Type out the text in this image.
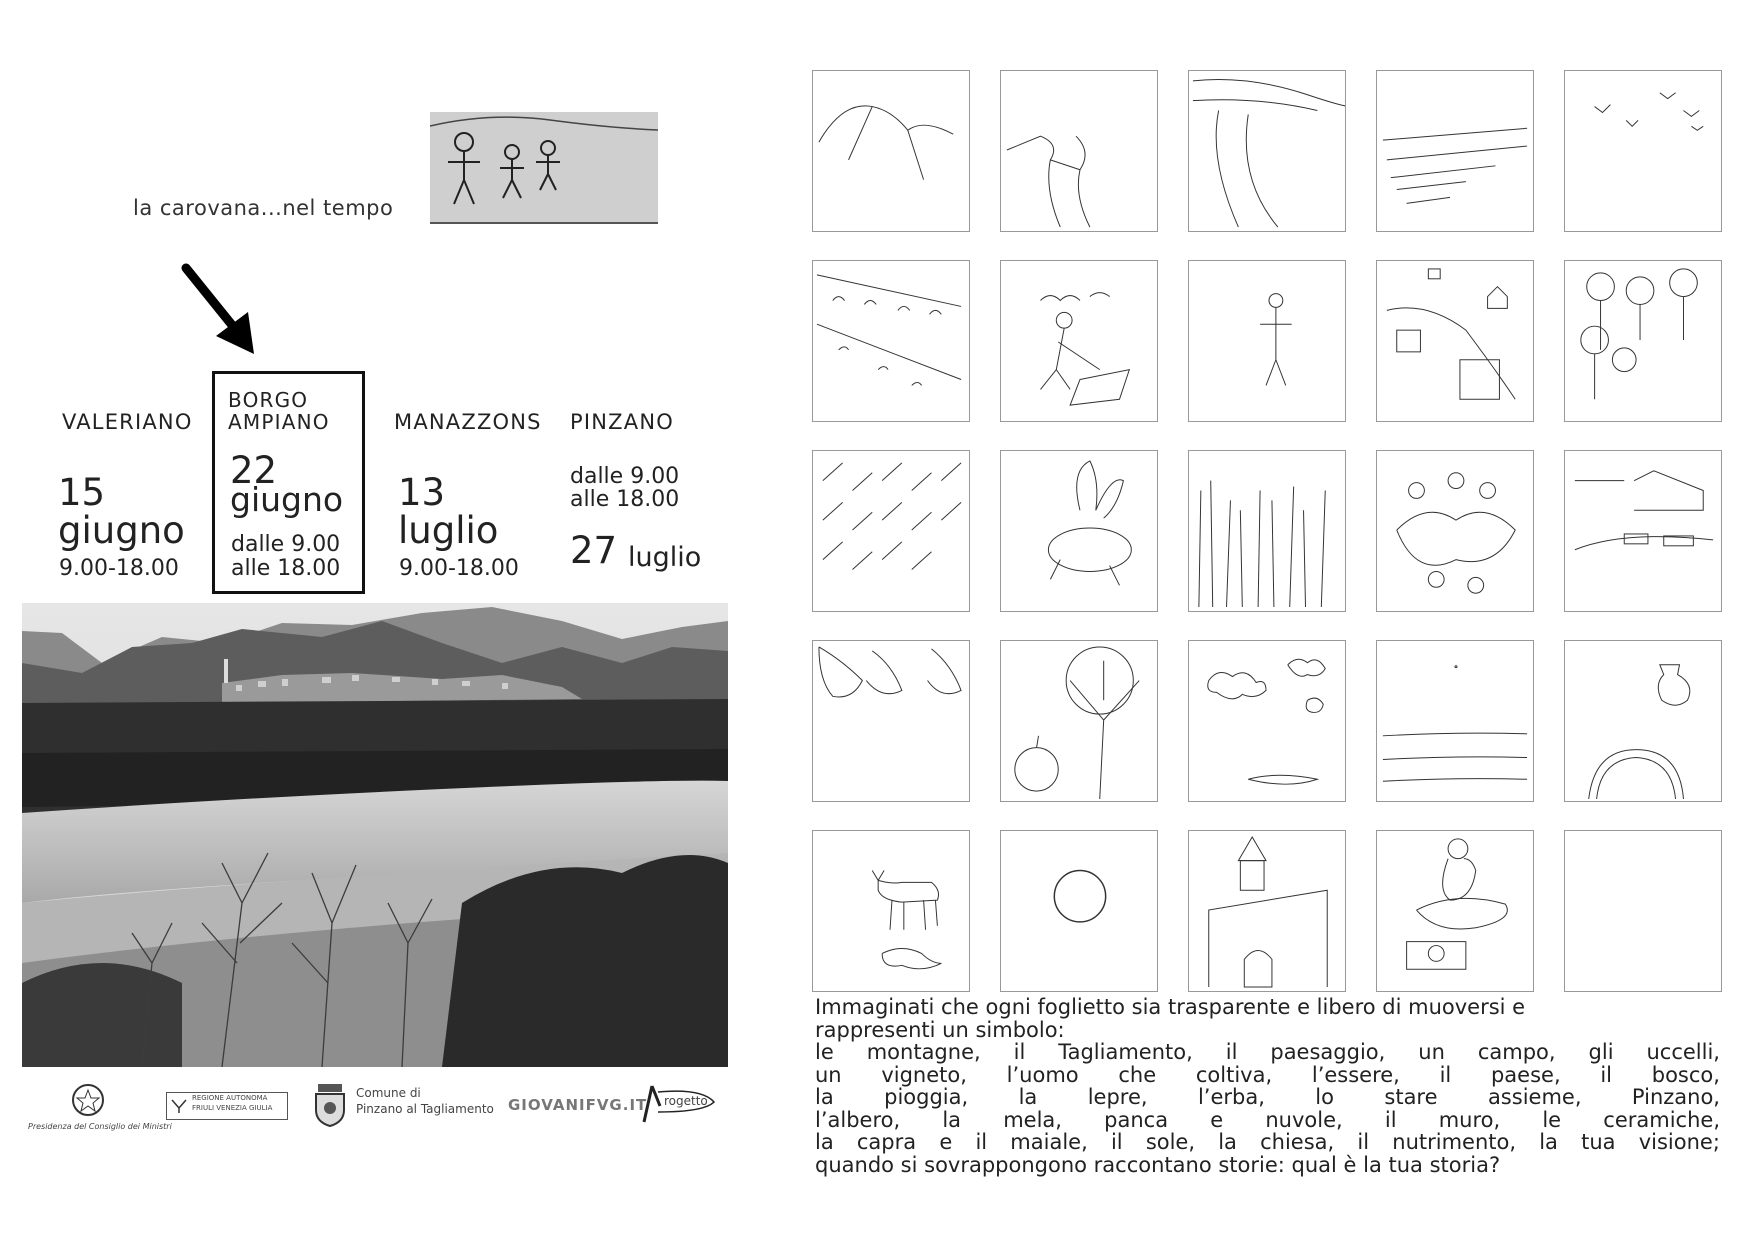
la carovana...nel tempo
VALERIANO
15
giugno
9.00-18.00
BORGO
AMPIANO
22
giugno
dalle 9.00
alle 18.00
MANAZZONS
13
luglio
9.00-18.00
PINZANO
dalle 9.00
alle 18.00
27 luglio
Presidenza del Consiglio dei Ministri
REGIONE AUTONOMA
FRIULI VENEZIA GIULIA
Comune di
Pinzano al Tagliamento GIOVANIFVG.IT rogetto
Immaginati che ogni foglietto sia trasparente e libero di muoversi e
rappresenti un simbolo:
le montagne, il Tagliamento, il paesaggio, un campo, gli uccelli,
un vigneto, l’uomo che coltiva, l’essere, il paese, il bosco,
la pioggia, la lepre, l’erba, lo stare assieme, Pinzano,
l’albero, la mela, panca e nuvole, il muro, le ceramiche,
la capra e il maiale, il sole, la chiesa, il nutrimento, la tua visione;
quando si sovrappongono raccontano storie: qual è la tua storia?
